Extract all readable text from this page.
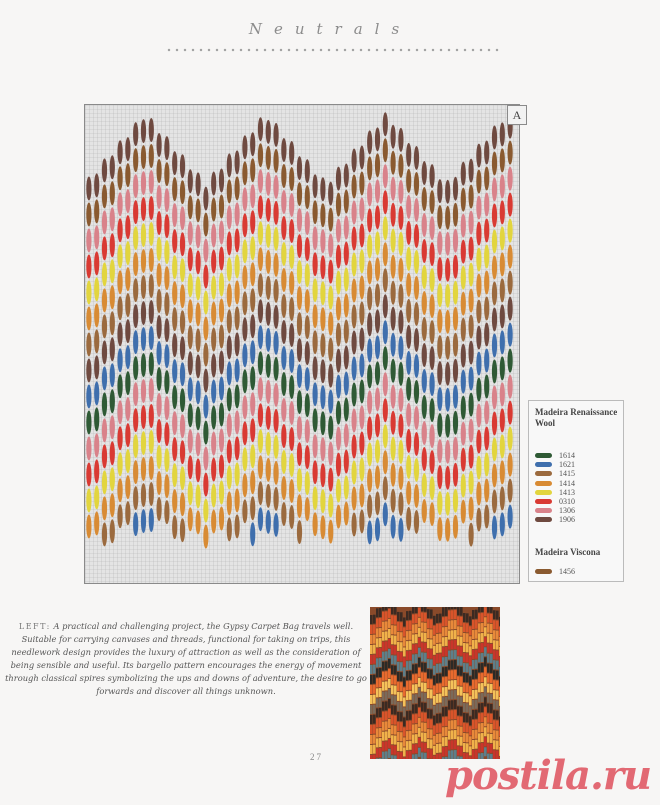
Neutrals
A
Madeira Renaissance Wool
1614
1621
1415
1414
1413
0310
1306
1906
Madeira Viscona
1456
LEFT: A practical and challenging project, the Gypsy Carpet Bag travels well. Suitable for carrying canvases and threads, functional for taking on trips, this needlework design provides the luxury of attraction as well as the consideration of being sensible and useful. Its bargello pattern encourages the energy of movement through classical spires symbolizing the ups and downs of adventure, the desire to go forwards and discover all things unknown.
27	postila.ru
